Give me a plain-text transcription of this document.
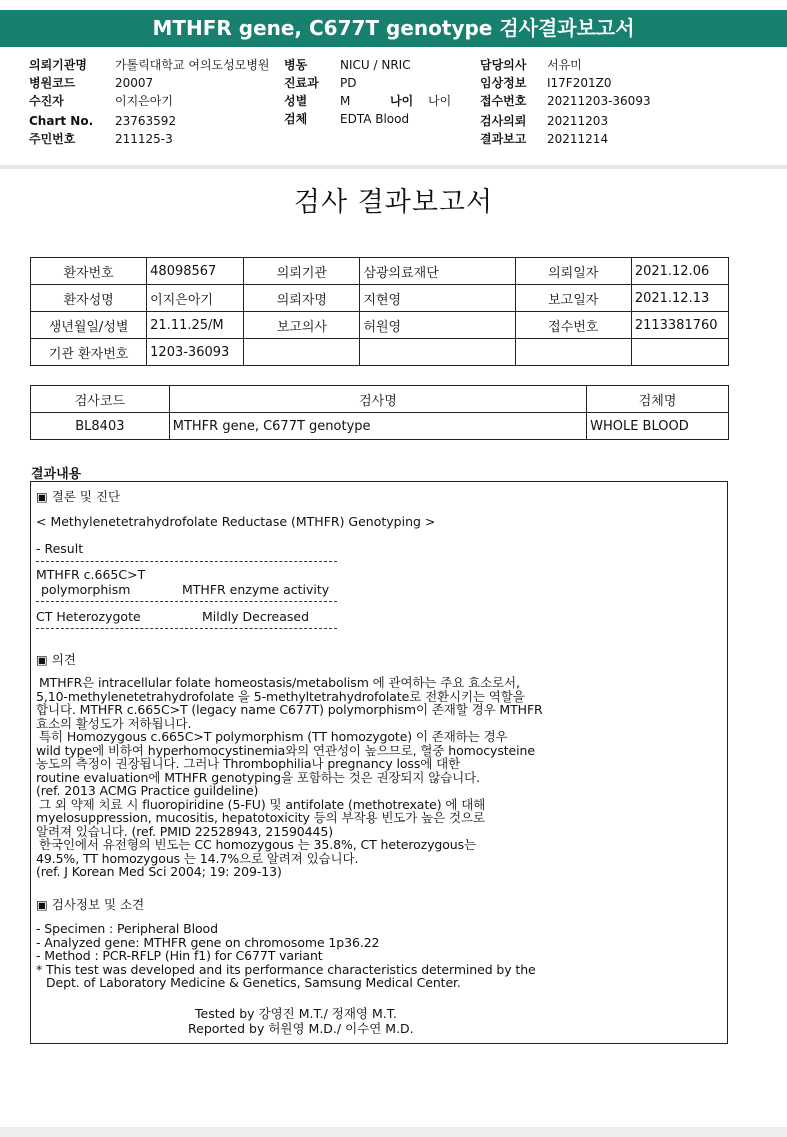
MTHFR gene, C677T genotype 검사결과보고서
의뢰기관명 가톨릭대학교 여의도성모병원
병원코드	20007
수진자	이지은아기
Chart No. 23763592
주민번호	211125-3
병동	NICU / NRIC
진료과 PD
성별	M	나이 나이
검체	EDTA Blood
담당의사 서유미
임상정보 I17F201Z0
접수번호 20211203-36093
검사의뢰 20211203
결과보고 20211214
검사 결과보고서
환자번호	48098567	의뢰기관	삼광의료재단	의뢰일자	2021.12.06
환자성명	이지은아기	의뢰자명	지현영	보고일자	2021.12.13
생년월일/성별	21.11.25/M	보고의사	허원영	접수번호	2113381760
기관 환자번호	1203-36093				
검사코드	검사명	검체명
BL8403	MTHFR gene, C677T genotype	WHOLE BLOOD
결과내용
▣ 결론 및 진단
< Methylenetetrahydrofolate Reductase (MTHFR) Genotyping >
- Result
MTHFR c.665C>T
polymorphism	MTHFR enzyme activity
CT Heterozygote	Mildly Decreased
▣ 의견
MTHFR은 intracellular folate homeostasis/metabolism 에 관여하는 주요 효소로서,
5,10-methylenetetrahydrofolate 을 5-methyltetrahydrofolate로 전환시키는 역할을
합니다. MTHFR c.665C>T (legacy name C677T) polymorphism이 존재할 경우 MTHFR
효소의 활성도가 저하됩니다.
특히 Homozygous c.665C>T polymorphism (TT homozygote) 이 존재하는 경우
wild type에 비하여 hyperhomocystinemia와의 연관성이 높으므로, 혈중 homocysteine
농도의 측정이 권장됩니다. 그러나 Thrombophilia나 pregnancy loss에 대한
routine evaluation에 MTHFR genotyping을 포함하는 것은 권장되지 않습니다.
(ref. 2013 ACMG Practice guildeline)
그 외 약제 치료 시 fluoropiridine (5-FU) 및 antifolate (methotrexate) 에 대해
myelosuppression, mucositis, hepatotoxicity 등의 부작용 빈도가 높은 것으로
알려져 있습니다. (ref. PMID 22528943, 21590445)
한국인에서 유전형의 빈도는 CC homozygous 는 35.8%, CT heterozygous는
49.5%, TT homozygous 는 14.7%으로 알려져 있습니다.
(ref. J Korean Med Sci 2004; 19: 209-13)
▣ 검사정보 및 소견
- Specimen : Peripheral Blood
- Analyzed gene: MTHFR gene on chromosome 1p36.22
- Method : PCR-RFLP (Hin f1) for C677T variant
* This test was developed and its performance characteristics determined by the
Dept. of Laboratory Medicine & Genetics, Samsung Medical Center.
Tested by 강영진 M.T./ 정재영 M.T.
Reported by 허원영 M.D./ 이수연 M.D.
